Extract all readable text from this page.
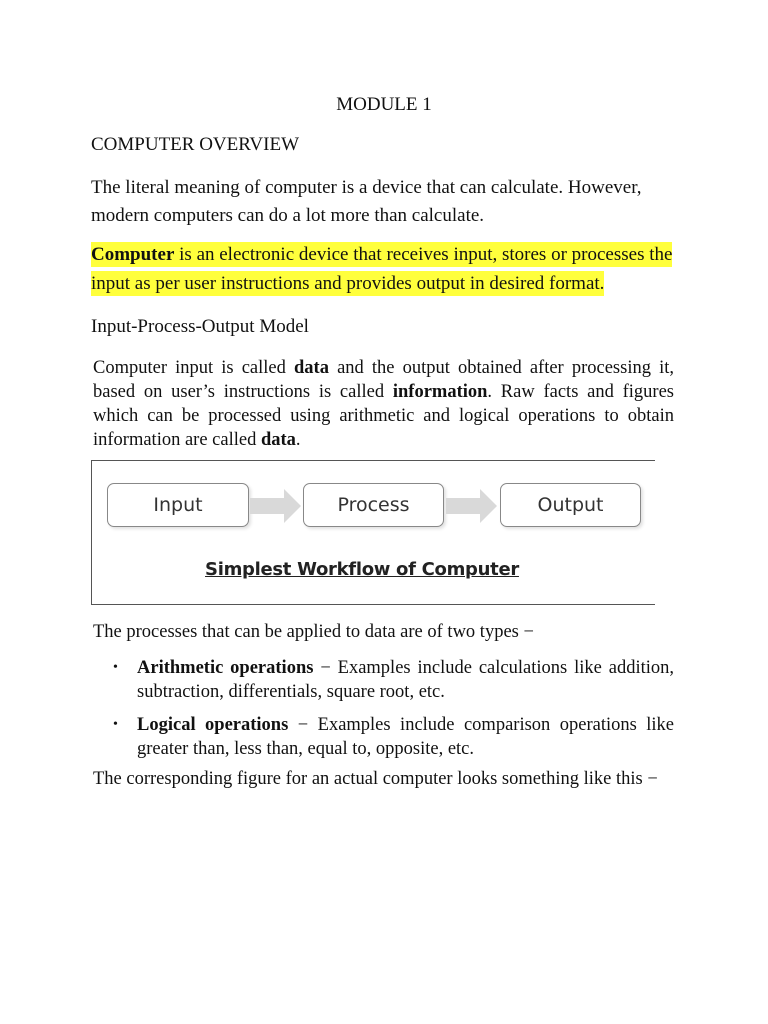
MODULE 1
COMPUTER OVERVIEW
The literal meaning of computer is a device that can calculate. However, modern computers can do a lot more than calculate.
Computer is an electronic device that receives input, stores or processes the input as per user instructions and provides output in desired format.
Input-Process-Output Model
Computer input is called data and the output obtained after processing it, based on user’s instructions is called information. Raw facts and figures which can be processed using arithmetic and logical operations to obtain information are called data.
Input	Process	Output
Simplest Workflow of Computer
The processes that can be applied to data are of two types −
• Arithmetic operations − Examples include calculations like addition, subtraction, differentials, square root, etc.
• Logical operations − Examples include comparison operations like greater than, less than, equal to, opposite, etc.
The corresponding figure for an actual computer looks something like this −
